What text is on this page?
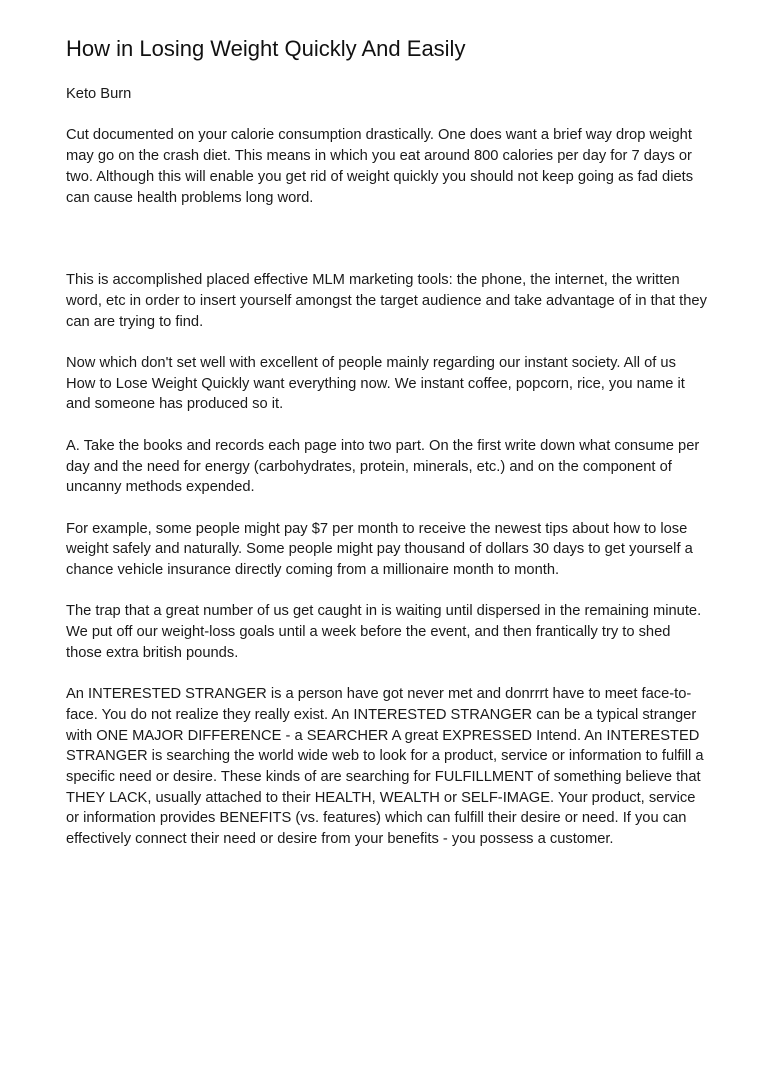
How in Losing Weight Quickly And Easily

Keto Burn

Cut documented on your calorie consumption drastically. One does want a brief way drop weight may go on the crash diet. This means in which you eat around 800 calories per day for 7 days or two. Although this will enable you get rid of weight quickly you should not keep going as fad diets can cause health problems long word.

This is accomplished placed effective MLM marketing tools: the phone, the internet, the written word, etc in order to insert yourself amongst the target audience and take advantage of in that they can are trying to find.

Now which don't set well with excellent of people mainly regarding our instant society. All of us How to Lose Weight Quickly want everything now. We instant coffee, popcorn, rice, you name it and someone has produced so it.

A. Take the books and records each page into two part. On the first write down what consume per day and the need for energy (carbohydrates, protein, minerals, etc.) and on the component of uncanny methods expended.

For example, some people might pay $7 per month to receive the newest tips about how to lose weight safely and naturally. Some people might pay thousand of dollars 30 days to get yourself a chance vehicle insurance directly coming from a millionaire month to month.

The trap that a great number of us get caught in is waiting until dispersed in the remaining minute. We put off our weight-loss goals until a week before the event, and then frantically try to shed those extra british pounds.

An INTERESTED STRANGER is a person have got never met and donrrrt have to meet face-to-face. You do not realize they really exist. An INTERESTED STRANGER can be a typical stranger with ONE MAJOR DIFFERENCE - a SEARCHER A great EXPRESSED Intend. An INTERESTED STRANGER is searching the world wide web to look for a product, service or information to fulfill a specific need or desire. These kinds of are searching for FULFILLMENT of something believe that THEY LACK, usually attached to their HEALTH, WEALTH or SELF-IMAGE. Your product, service or information provides BENEFITS (vs. features) which can fulfill their desire or need. If you can effectively connect their need or desire from your benefits - you possess a customer.
